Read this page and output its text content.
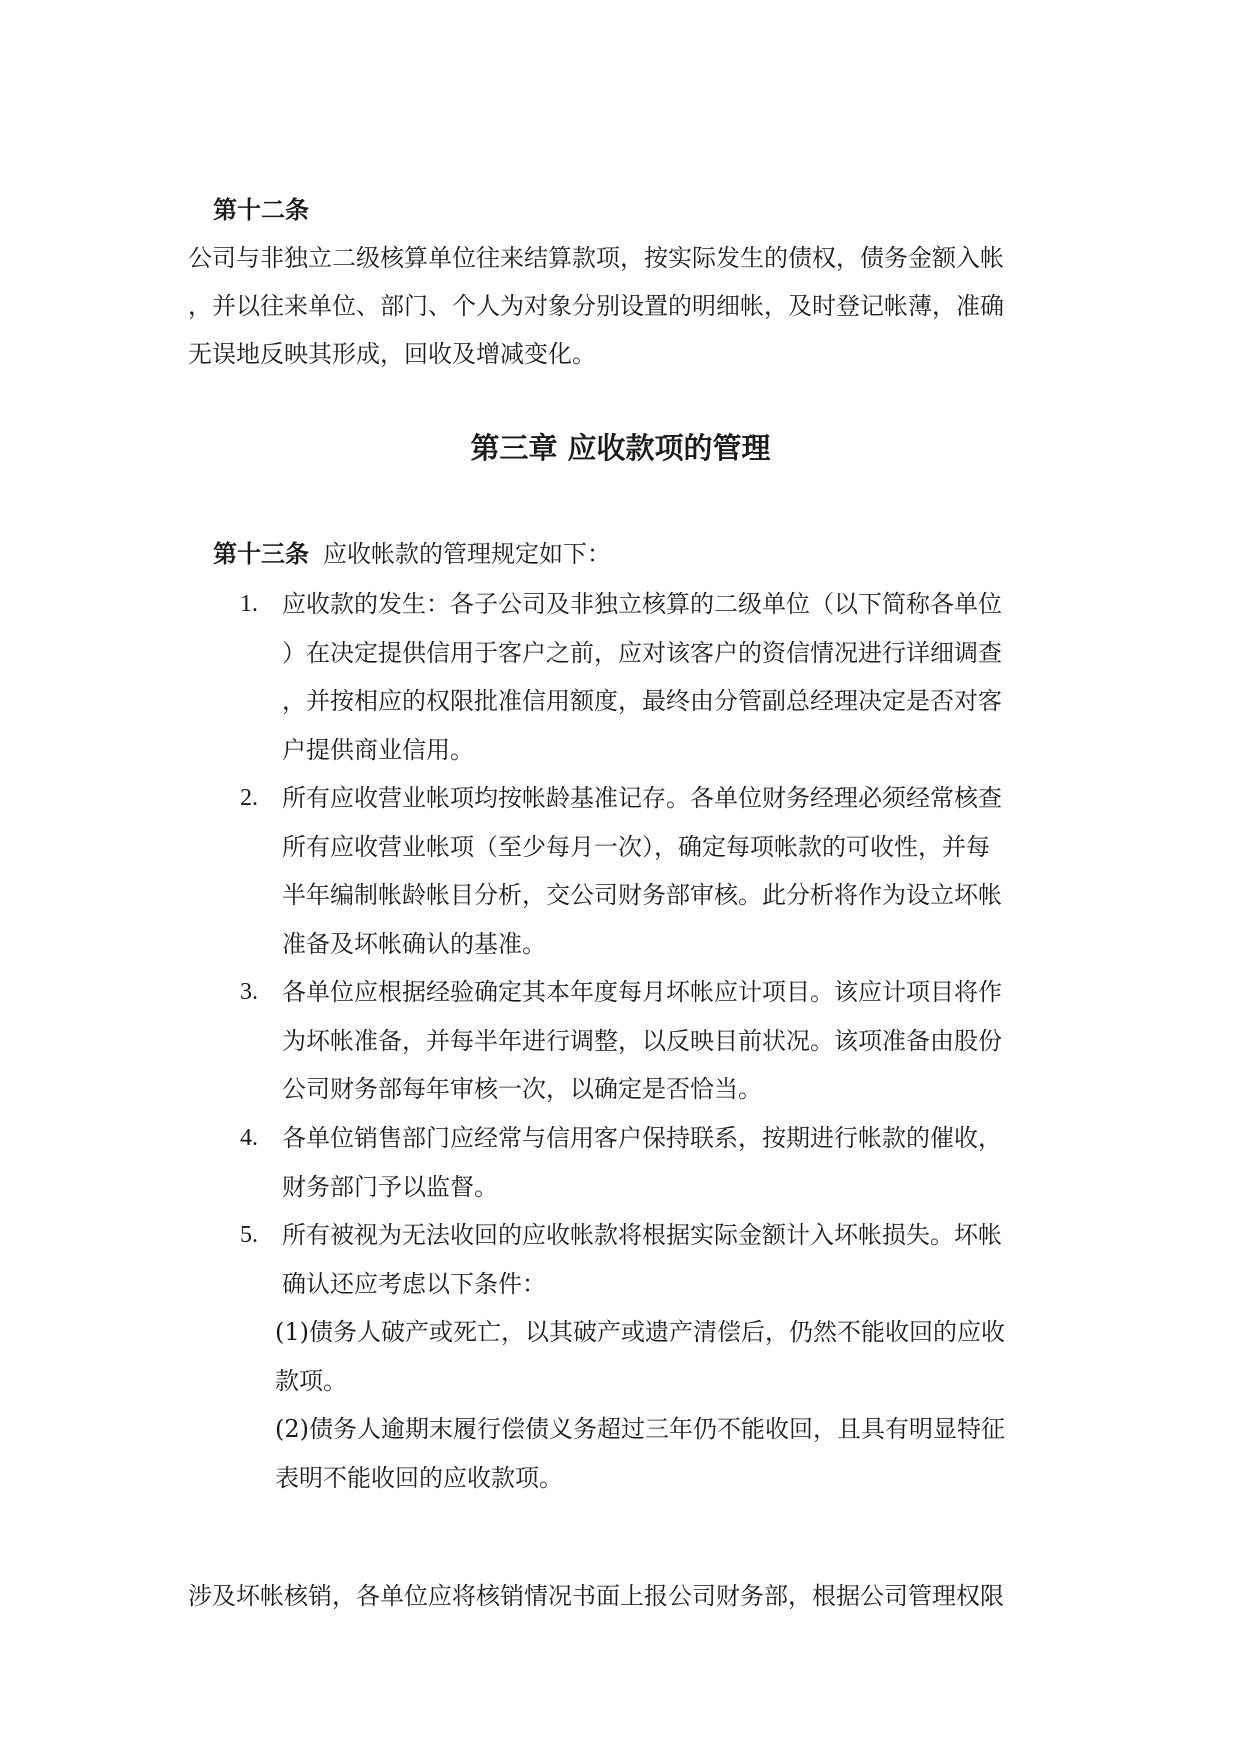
第十二条
公司与非独立二级核算单位往来结算款项，按实际发生的债权，债务金额入帐
，并以往来单位、部门、个人为对象分别设置的明细帐，及时登记帐薄，准确
无误地反映其形成，回收及增减变化。
第三章 应收款项的管理
第十三条 应收帐款的管理规定如下：
1. 应收款的发生：各子公司及非独立核算的二级单位（以下简称各单位
）在决定提供信用于客户之前，应对该客户的资信情况进行详细调查
，并按相应的权限批准信用额度，最终由分管副总经理决定是否对客
户提供商业信用。
2. 所有应收营业帐项均按帐龄基准记存。各单位财务经理必须经常核查
所有应收营业帐项（至少每月一次），确定每项帐款的可收性，并每
半年编制帐龄帐目分析，交公司财务部审核。此分析将作为设立坏帐
准备及坏帐确认的基准。
3. 各单位应根据经验确定其本年度每月坏帐应计项目。该应计项目将作
为坏帐准备，并每半年进行调整，以反映目前状况。该项准备由股份
公司财务部每年审核一次，以确定是否恰当。
4. 各单位销售部门应经常与信用客户保持联系，按期进行帐款的催收，
财务部门予以监督。
5. 所有被视为无法收回的应收帐款将根据实际金额计入坏帐损失。坏帐
确认还应考虑以下条件：
(1)债务人破产或死亡，以其破产或遗产清偿后，仍然不能收回的应收
款项。
(2)债务人逾期末履行偿债义务超过三年仍不能收回，且具有明显特征
表明不能收回的应收款项。
涉及坏帐核销，各单位应将核销情况书面上报公司财务部，根据公司管理权限
